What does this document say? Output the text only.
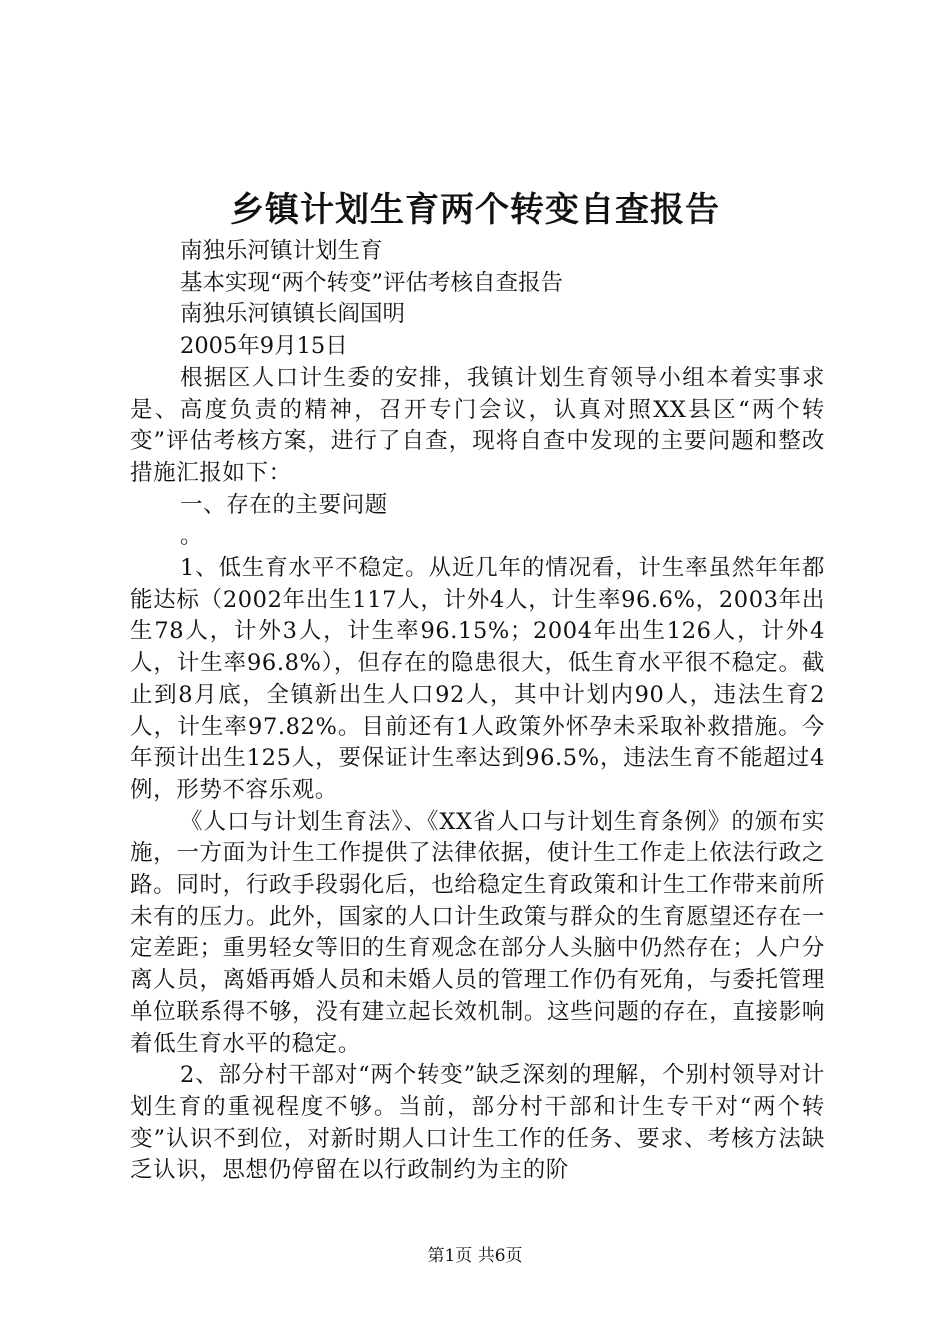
乡镇计划生育两个转变自查报告

南独乐河镇计划生育

基本实现“两个转变”评估考核自查报告

南独乐河镇镇长阎国明

2005年9月15日

根据区人口计生委的安排，我镇计划生育领导小组本着实事求是、高度负责的精神，召开专门会议，认真对照XX县区“两个转变”评估考核方案，进行了自查，现将自查中发现的主要问题和整改措施汇报如下：

一、存在的主要问题

。

1、低生育水平不稳定。从近几年的情况看，计生率虽然年年都能达标（2002年出生117人，计外4人，计生率96.6%，2003年出生78人，计外3人，计生率96.15%；2004年出生126人，计外4人，计生率96.8%），但存在的隐患很大，低生育水平很不稳定。截止到8月底，全镇新出生人口92人，其中计划内90人，违法生育2人，计生率97.82%。目前还有1人政策外怀孕未采取补救措施。今年预计出生125人，要保证计生率达到96.5%，违法生育不能超过4例，形势不容乐观。

《人口与计划生育法》、《XX省人口与计划生育条例》的颁布实施，一方面为计生工作提供了法律依据，使计生工作走上依法行政之路。同时，行政手段弱化后，也给稳定生育政策和计生工作带来前所未有的压力。此外，国家的人口计生政策与群众的生育愿望还存在一定差距；重男轻女等旧的生育观念在部分人头脑中仍然存在；人户分离人员，离婚再婚人员和未婚人员的管理工作仍有死角，与委托管理单位联系得不够，没有建立起长效机制。这些问题的存在，直接影响着低生育水平的稳定。

2、部分村干部对“两个转变”缺乏深刻的理解，个别村领导对计划生育的重视程度不够。当前，部分村干部和计生专干对“两个转变”认识不到位，对新时期人口计生工作的任务、要求、考核方法缺乏认识，思想仍停留在以行政制约为主的阶

第1页 共6页
